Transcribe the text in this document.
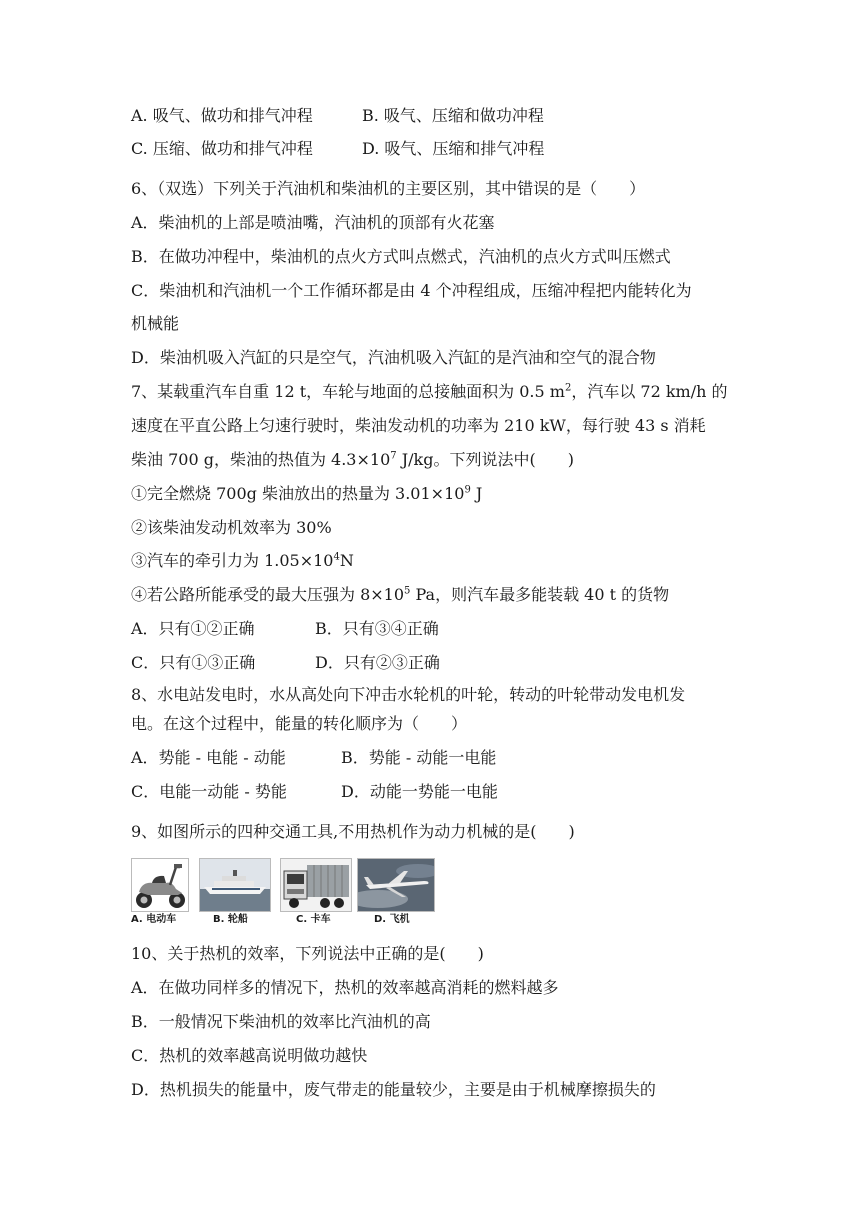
A. 吸气、做功和排气冲程	B. 吸气、压缩和做功冲程
C. 压缩、做功和排气冲程	D. 吸气、压缩和排气冲程
6、（双选）下列关于汽油机和柴油机的主要区别，其中错误的是（　　）
A．柴油机的上部是喷油嘴，汽油机的顶部有火花塞
B．在做功冲程中，柴油机的点火方式叫点燃式，汽油机的点火方式叫压燃式
C．柴油机和汽油机一个工作循环都是由 4 个冲程组成，压缩冲程把内能转化为
机械能
D．柴油机吸入汽缸的只是空气，汽油机吸入汽缸的是汽油和空气的混合物
7、某载重汽车自重 12 t，车轮与地面的总接触面积为 0.5 $m^2$，汽车以 72 km/h 的
速度在平直公路上匀速行驶时，柴油发动机的功率为 210 kW，每行驶 43 s 消耗
柴油 700 g，柴油的热值为 $4.3\times 10^7$ J/kg。下列说法中(　　)
①完全燃烧 700g 柴油放出的热量为 $3.01\times 10^9$ J
②该柴油发动机效率为 30%
③汽车的牵引力为 $1.05\times 10^4N$
④若公路所能承受的最大压强为 $8\times 10^5$ Pa，则汽车最多能装载 40 t 的货物
A．只有①②正确	B．只有③④正确
C．只有①③正确	D．只有②③正确
8、水电站发电时，水从高处向下冲击水轮机的叶轮，转动的叶轮带动发电机发
电。在这个过程中，能量的转化顺序为（　　）
A．势能 - 电能 - 动能	B．势能 - 动能一电能
C．电能一动能 - 势能	D．动能一势能一电能
9、如图所示的四种交通工具,不用热机作为动力机械的是(　　)
A. 电动车	B. 轮船	C. 卡车	D. 飞机
10、关于热机的效率，下列说法中正确的是(　　)
A．在做功同样多的情况下，热机的效率越高消耗的燃料越多
B．一般情况下柴油机的效率比汽油机的高
C．热机的效率越高说明做功越快
D．热机损失的能量中，废气带走的能量较少，主要是由于机械摩擦损失的
